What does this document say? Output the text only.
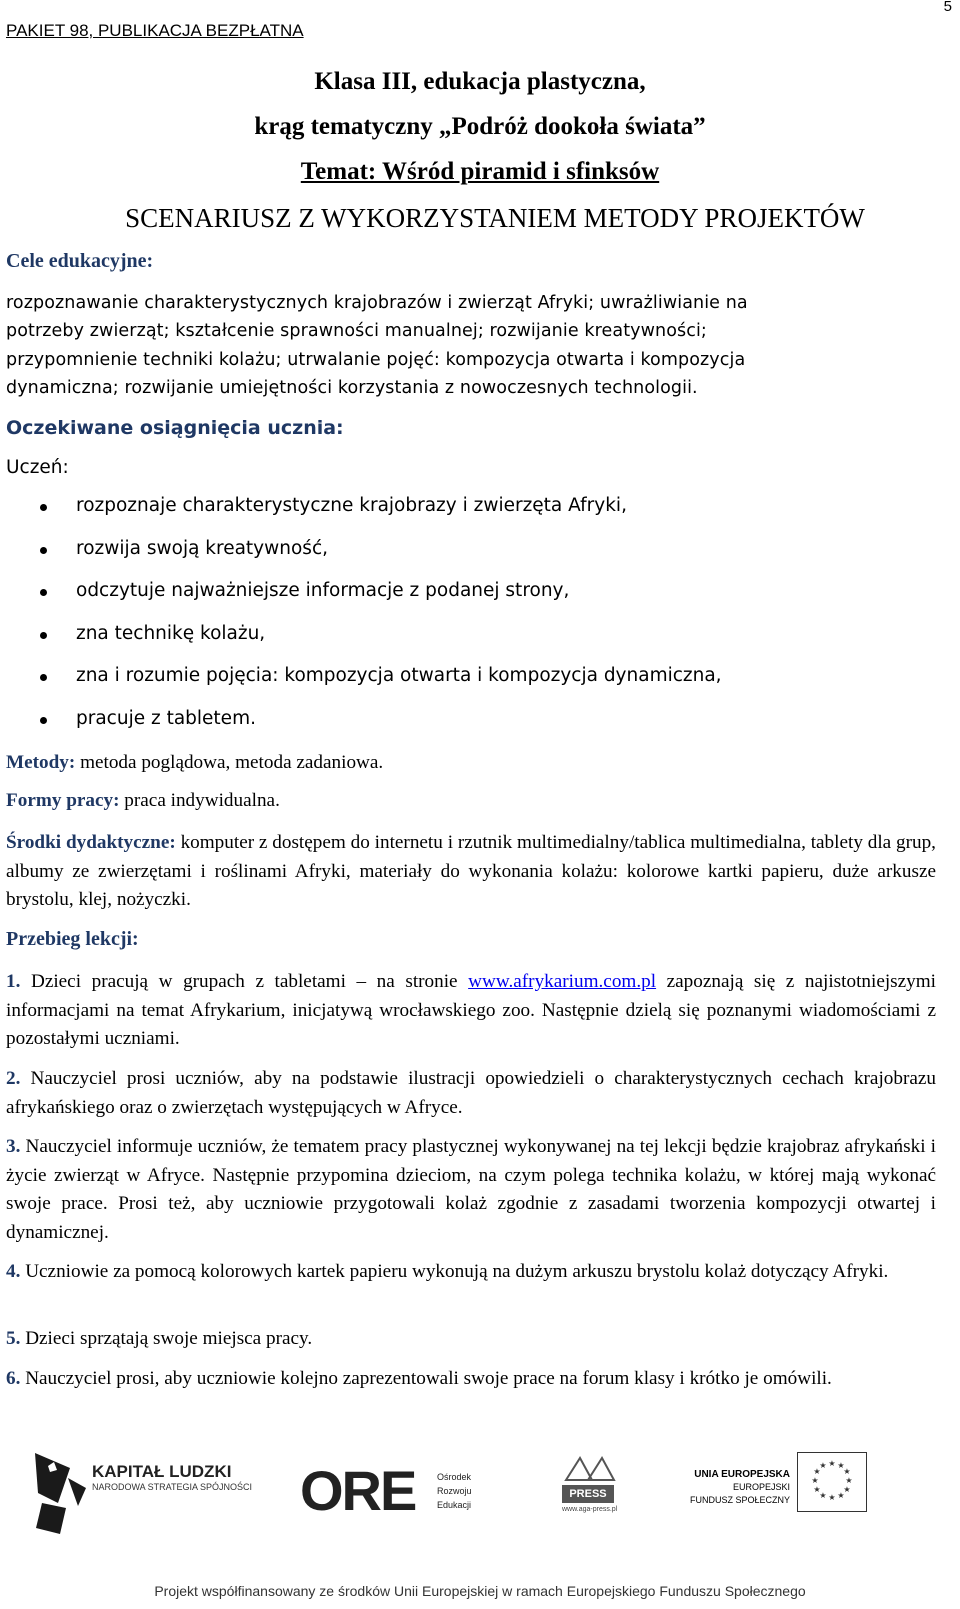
PAKIET 98, PUBLIKACJA BEZPŁATNA
5
Klasa III, edukacja plastyczna,
krąg tematyczny „Podróż dookoła świata”
Temat: Wśród piramid i sfinksów
SCENARIUSZ Z WYKORZYSTANIEM METODY PROJEKTÓW
Cele edukacyjne:
rozpoznawanie charakterystycznych krajobrazów i zwierząt Afryki; uwrażliwianie na
potrzeby zwierząt; kształcenie sprawności manualnej; rozwijanie kreatywności;
przypomnienie techniki kolażu; utrwalanie pojęć: kompozycja otwarta i kompozycja
dynamiczna; rozwijanie umiejętności korzystania z nowoczesnych technologii.
Oczekiwane osiągnięcia ucznia:
Uczeń:
rozpoznaje charakterystyczne krajobrazy i zwierzęta Afryki,
rozwija swoją kreatywność,
odczytuje najważniejsze informacje z podanej strony,
zna technikę kolażu,
zna i rozumie pojęcia: kompozycja otwarta i kompozycja dynamiczna,
pracuje z tabletem.
Metody: metoda poglądowa, metoda zadaniowa.
Formy pracy: praca indywidualna.
Środki dydaktyczne: komputer z dostępem do internetu i rzutnik multimedialny/tablica multimedialna, tablety dla grup, albumy ze zwierzętami i roślinami Afryki, materiały do wykonania kolażu: kolorowe kartki papieru, duże arkusze brystolu, klej, nożyczki.
Przebieg lekcji:
1. Dzieci pracują w grupach z tabletami – na stronie www.afrykarium.com.pl zapoznają się z najistotniejszymi informacjami na temat Afrykarium, inicjatywą wrocławskiego zoo. Następnie dzielą się poznanymi wiadomościami z pozostałymi uczniami.
2. Nauczyciel prosi uczniów, aby na podstawie ilustracji opowiedzieli o charakterystycznych cechach krajobrazu afrykańskiego oraz o zwierzętach występujących w Afryce.
3. Nauczyciel informuje uczniów, że tematem pracy plastycznej wykonywanej na tej lekcji będzie krajobraz afrykański i życie zwierząt w Afryce. Następnie przypomina dzieciom, na czym polega technika kolażu, w której mają wykonać swoje prace. Prosi też, aby uczniowie przygotowali kolaż zgodnie z zasadami tworzenia kompozycji otwartej i dynamicznej.
4. Uczniowie za pomocą kolorowych kartek papieru wykonują na dużym arkuszu brystolu kolaż dotyczący Afryki.
5. Dzieci sprzątają swoje miejsca pracy.
6. Nauczyciel prosi, aby uczniowie kolejno zaprezentowali swoje prace na forum klasy i krótko je omówili.
KAPITAŁ LUDZKI
NARODOWA STRATEGIA SPÓJNOŚCI ORE Ośrodek
Rozwoju
Edukacji
PRESS
www.aga-press.pl
UNIA EUROPEJSKA
EUROPEJSKI
FUNDUSZ SPOŁECZNY
★ ★
★
★
★
★
★
★
★
★
★
★
Projekt współfinansowany ze środków Unii Europejskiej w ramach Europejskiego Funduszu Społecznego
